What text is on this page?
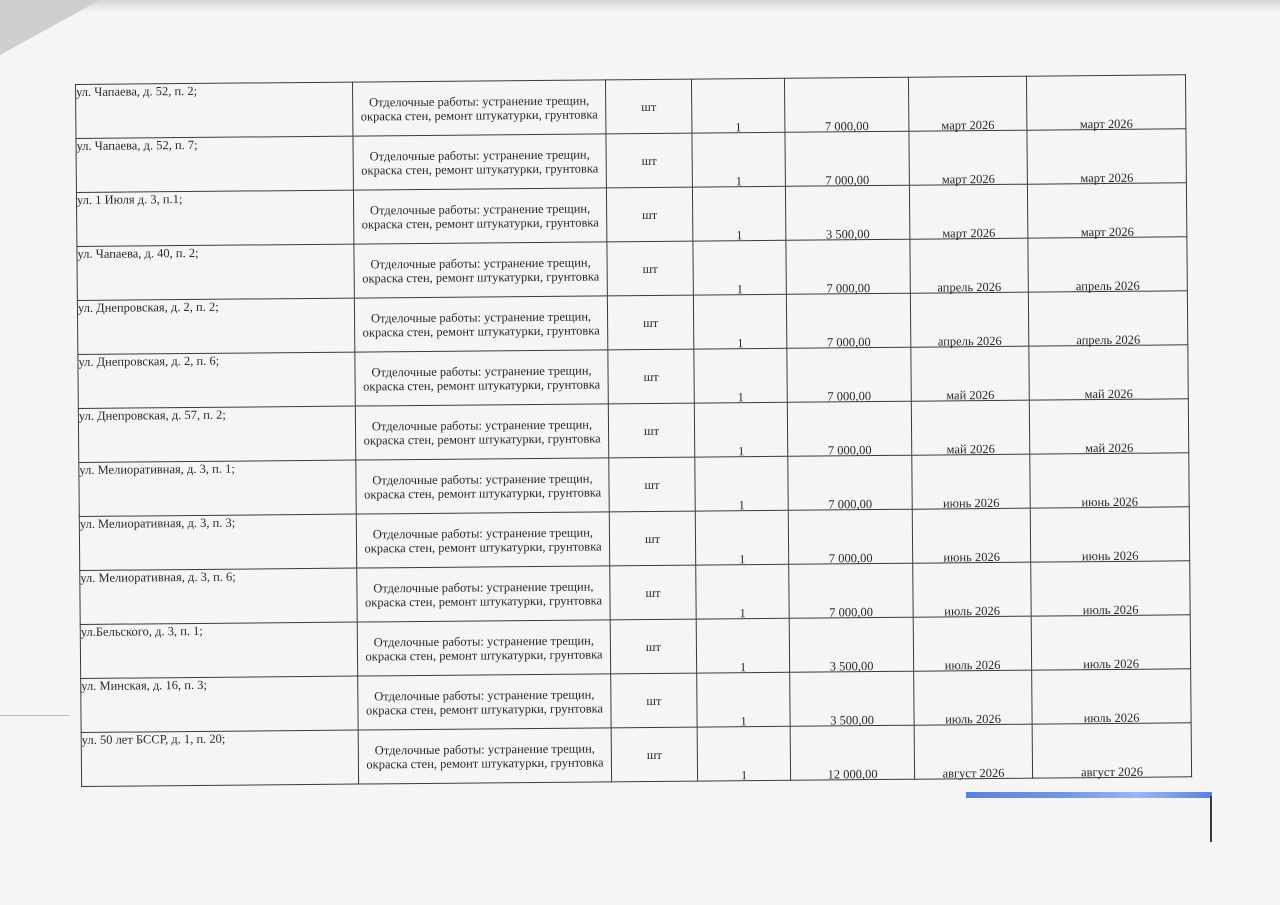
ул. Чапаева, д. 52, п. 2;	Отделочные работы: устранение трещин, окраска стен, ремонт штукатурки, грунтовка	шт	1	7 000,00	март 2026	март 2026
ул. Чапаева, д. 52, п. 7;	Отделочные работы: устранение трещин, окраска стен, ремонт штукатурки, грунтовка	шт	1	7 000,00	март 2026	март 2026
ул. 1 Июля д. 3, п.1;	Отделочные работы: устранение трещин, окраска стен, ремонт штукатурки, грунтовка	шт	1	3 500,00	март 2026	март 2026
ул. Чапаева, д. 40, п. 2;	Отделочные работы: устранение трещин, окраска стен, ремонт штукатурки, грунтовка	шт	1	7 000,00	апрель 2026	апрель 2026
ул. Днепровская, д. 2, п. 2;	Отделочные работы: устранение трещин, окраска стен, ремонт штукатурки, грунтовка	шт	1	7 000,00	апрель 2026	апрель 2026
ул. Днепровская, д. 2, п. 6;	Отделочные работы: устранение трещин, окраска стен, ремонт штукатурки, грунтовка	шт	1	7 000,00	май 2026	май 2026
ул. Днепровская, д. 57, п. 2;	Отделочные работы: устранение трещин, окраска стен, ремонт штукатурки, грунтовка	шт	1	7 000,00	май 2026	май 2026
ул. Мелиоративная, д. 3, п. 1;	Отделочные работы: устранение трещин, окраска стен, ремонт штукатурки, грунтовка	шт	1	7 000,00	июнь 2026	июнь 2026
ул. Мелиоративная, д. 3, п. 3;	Отделочные работы: устранение трещин, окраска стен, ремонт штукатурки, грунтовка	шт	1	7 000,00	июнь 2026	июнь 2026
ул. Мелиоративная, д. 3, п. 6;	Отделочные работы: устранение трещин, окраска стен, ремонт штукатурки, грунтовка	шт	1	7 000,00	июль 2026	июль 2026
ул.Бельского, д. 3, п. 1;	Отделочные работы: устранение трещин, окраска стен, ремонт штукатурки, грунтовка	шт	1	3 500,00	июль 2026	июль 2026
ул. Минская, д. 16, п. 3;	Отделочные работы: устранение трещин, окраска стен, ремонт штукатурки, грунтовка	шт	1	3 500,00	июль 2026	июль 2026
ул. 50 лет БССР, д. 1, п. 20;	Отделочные работы: устранение трещин, окраска стен, ремонт штукатурки, грунтовка	шт	1	12 000,00	август 2026	август 2026
